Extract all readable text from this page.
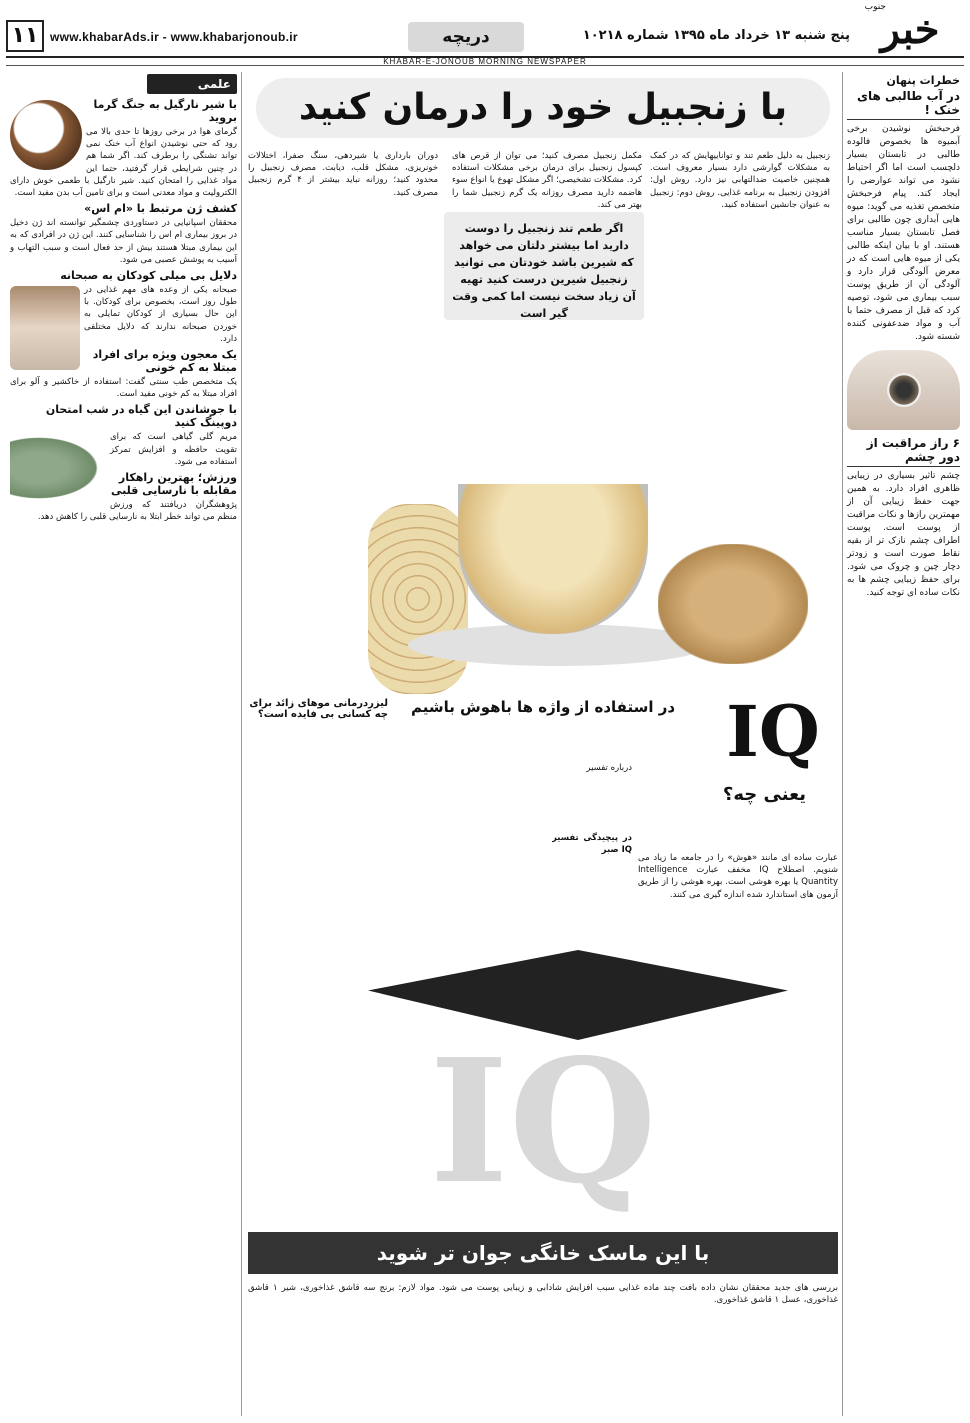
۱۱ www.khabarAds.ir - www.khabarjonoub.ir	دریچه	پنج شنبه ۱۳ خرداد ماه ۱۳۹۵ شماره ۱۰۲۱۸ خبر
جنوب
KHABAR-E-JONOUB MORNING NEWSPAPER
خطرات پنهان
در آب طالبی های خنک !

فرحبخش نوشیدن برخی آبمیوه ها بخصوص فالوده طالبی در تابستان بسیار دلچسب است اما اگر احتیاط نشود می تواند عوارضی را ایجاد کند. پیام فرحبخش متخصص تغذیه می گوید: میوه هایی آبداری چون طالبی برای فصل تابستان بسیار مناسب هستند. او با بیان اینکه طالبی یکی از میوه هایی است که در معرض آلودگی قرار دارد و آلودگی آن از طریق پوست سبب بیماری می شود، توصیه کرد که قبل از مصرف حتما با آب و مواد ضدعفونی کننده شسته شود.

۶ راز مراقبت از دور چشم

چشم تاثیر بسیاری در زیبایی ظاهری افراد دارد. به همین جهت حفظ زیبایی آن از مهمترین رازها و نکات مراقبت از پوست است. پوست اطراف چشم نازک تر از بقیه نقاط صورت است و زودتر دچار چین و چروک می شود. برای حفظ زیبایی چشم ها به نکات ساده ای توجه کنید.

علمی
با شیر نارگیل به جنگ گرما بروید

گرمای هوا در برخی روزها تا حدی بالا می رود که حتی نوشیدن انواع آب خنک نمی تواند تشنگی را برطرف کند. اگر شما هم در چنین شرایطی قرار گرفتید، حتما این مواد غذایی را امتحان کنید. شیر نارگیل با طعمی خوش دارای الکترولیت و مواد معدنی است و برای تامین آب بدن مفید است.

کشف ژن مرتبط با «ام اس»

محققان اسپانیایی در دستاوردی چشمگیر توانسته اند ژن دخیل در بروز بیماری ام اس را شناسایی کنند. این ژن در افرادی که به این بیماری مبتلا هستند بیش از حد فعال است و سبب التهاب و آسیب به پوشش عصبی می شود.

دلایل بی میلی کودکان به صبحانه

صبحانه یکی از وعده های مهم غذایی در طول روز است، بخصوص برای کودکان. با این حال بسیاری از کودکان تمایلی به خوردن صبحانه ندارند که دلایل مختلفی دارد.

یک معجون ویژه برای افراد مبتلا به کم خونی

یک متخصص طب سنتی گفت: استفاده از خاکشیر و آلو برای افراد مبتلا به کم خونی مفید است.

با جوشاندن این گیاه در شب امتحان دوپینگ کنید

مریم گلی گیاهی است که برای تقویت حافظه و افزایش تمرکز استفاده می شود.

ورزش؛ بهترین راهکار مقابله با نارسایی قلبی

پژوهشگران دریافتند که ورزش منظم می تواند خطر ابتلا به نارسایی قلبی را کاهش دهد.

با زنجبیل خود را درمان کنید
زنجبیل به دلیل طعم تند و تواناییهایش که در کمک به مشکلات گوارشی دارد بسیار معروف است. همچنین خاصیت ضدالتهابی نیز دارد. روش اول: افزودن زنجبیل به برنامه غذایی. روش دوم: زنجبیل به عنوان جانشین استفاده کنید.
مکمل زنجبیل مصرف کنید؛ می توان از قرص های کپسول زنجبیل برای درمان برخی مشکلات استفاده کرد. مشکلات تشخیصی؛ اگر مشکل تهوع یا انواع سوء هاضمه دارید مصرف روزانه یک گرم زنجبیل شما را بهتر می کند.
اگر طعم تند زنجبیل را دوست دارید اما بیشتر دلتان می خواهد که شیرین باشد خودتان می توانید زنجبیل شیرین درست کنید تهیه آن زیاد سخت نیست اما کمی وقت گیر است
دوران بارداری یا شیردهی، سنگ صفرا، اختلالات خونریزی، مشکل قلب، دیابت. مصرف زنجبیل را محدود کنید؛ روزانه نباید بیشتر از ۴ گرم زنجبیل مصرف کنید.
لیزردرمانی موهای زائد برای چه کسانی بی فایده است؟	در استفاده از واژه ها باهوش باشیم IQ
یعنی چه؟
عبارت ساده ای مانند «هوش» را در جامعه ما زیاد می شنویم. اصطلاح IQ مخفف عبارت Intelligence Quantity یا بهره هوشی است. بهره هوشی را از طریق آزمون های استاندارد شده اندازه گیری می کنند.
در پیچیدگی تفسیر IQ صبر
درباره تفسیر
IQ
با این ماسک خانگی جوان تر شوید
بررسی های جدید محققان نشان داده بافت چند ماده غذایی سبب افزایش شادابی و زیبایی پوست می شود. مواد لازم: برنج سه قاشق غذاخوری، شیر ۱ قاشق غذاخوری، عسل ۱ قاشق غذاخوری.
